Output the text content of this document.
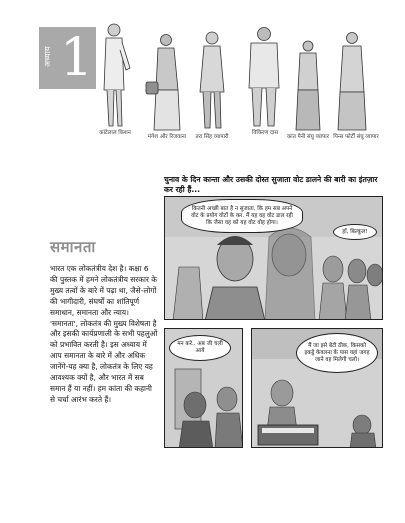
अध्याय 1
कांटेलाल किशन
मंगेश और रिजवाना	तरा सिंह व्यापारी
विकिरण दास
कांत पैनी संघु व्यापार पिन्स फोर्टी संघु व्यापार
चुनाव के दिन कान्ता और उसकी दोस्त सुजाता वोट डालने की बारी का इंतज़ार कर रही हैं...
कितनी अच्छी बात है न सुजाता, कि हम सब अपने वोट के प्रयोग वोटों के कर. मैं यह वह वोट डाल रही कि जैसा वह को यह वोट वोह होगा।
हाँ, बिल्कुल!
मन करे.. अब जी चली आये
मैं जा इसे बेटी ठीक, किसको इकट्ठे केवलना के पास यहां जगह जाने वह मिलेगी चलो।
समानता
भारत एक लोकतंत्रीय देश है। कक्षा 6 की पुस्तक में हमने लोकतंत्रीय सरकार के मुख्य तत्वों के बारे में पढ़ा था, जैसे-लोगों की भागीदारी, संघर्षों का शांतिपूर्ण समाधान, समानता और न्याय। 'समानता', लोकतंत्र की मुख्य विशेषता है और इसकी कार्यप्रणाली के सभी पहलुओं को प्रभावित करती है। इस अध्याय में आप समानता के बारे में और अधिक जानेंगे-यह क्या है, लोकतंत्र के लिए यह आवश्यक क्यों है, और भारत में सब समान हैं या नहीं। हम कांता की कहानी से चर्चा आरंभ करते हैं।
